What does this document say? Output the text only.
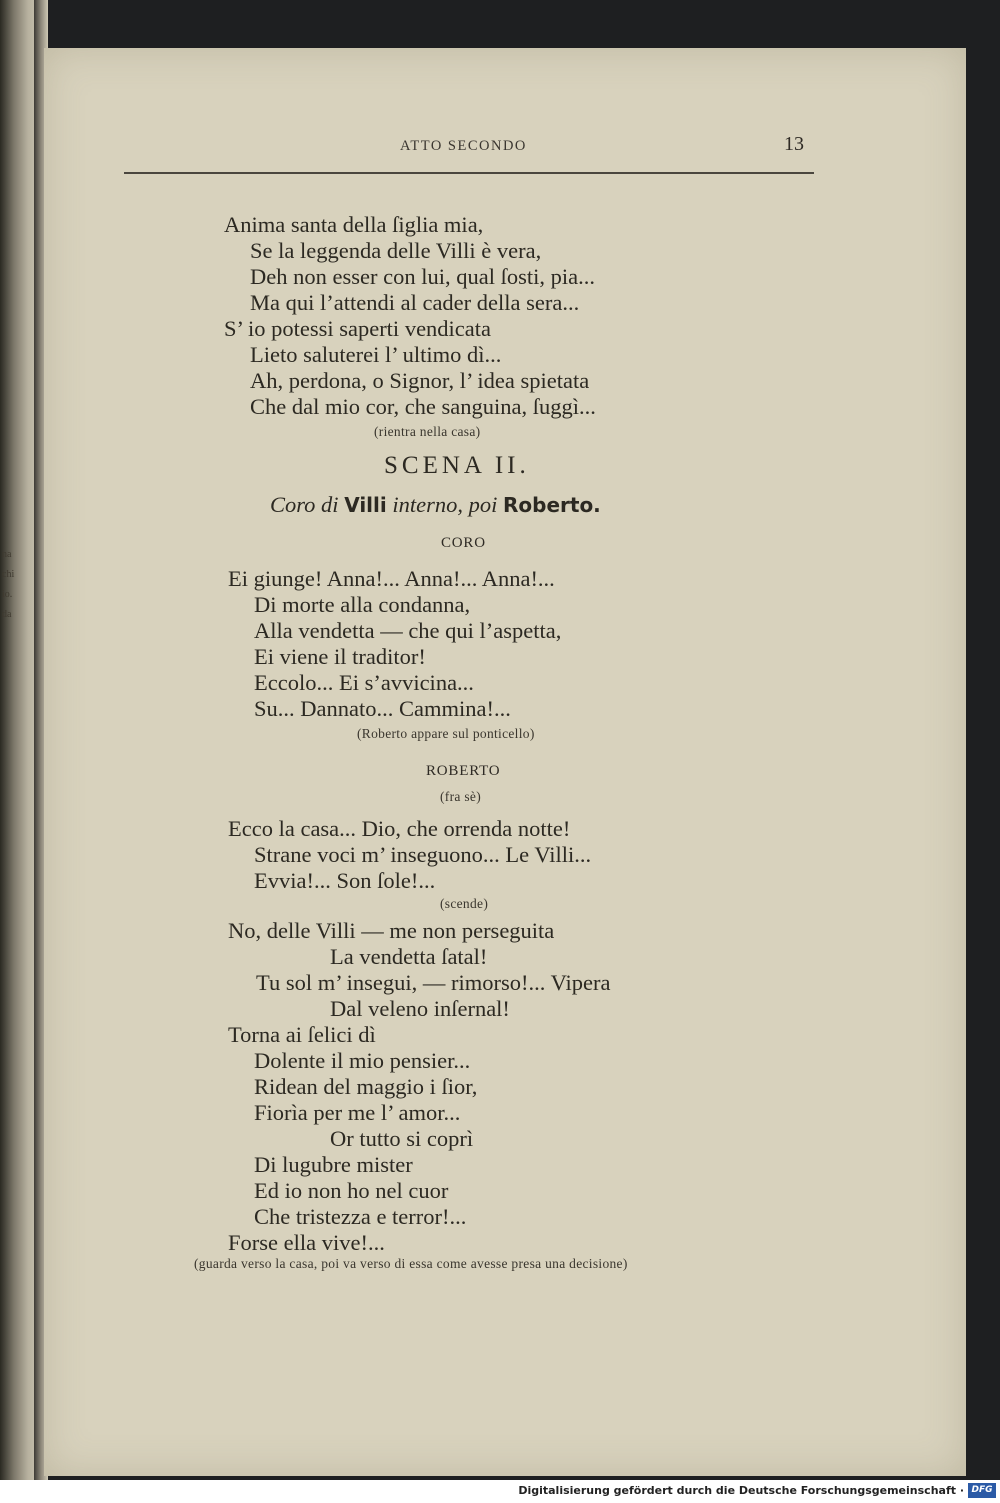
na
chi
io.
da
ATTO SECONDO	13
Anima santa della ſiglia mia,
Se la leggenda delle Villi è vera,
Deh non esser con lui, qual ſosti, pia...
Ma qui l’attendi al cader della sera...
S’ io potessi saperti vendicata
Lieto saluterei l’ ultimo dì...
Ah, perdona, o Signor, l’ idea spietata
Che dal mio cor, che sanguina, ſuggì...
(rientra nella casa)
SCENA II.
Coro di Villi interno, poi Roberto.
CORO
Ei giunge! Anna!... Anna!... Anna!...
Di morte alla condanna,
Alla vendetta — che qui l’aspetta,
Ei viene il traditor!
Eccolo... Ei s’avvicina...
Su... Dannato... Cammina!...
(Roberto appare sul ponticello)
ROBERTO
(fra sè)
Ecco la casa... Dio, che orrenda notte!
Strane voci m’ inseguono... Le Villi...
Evvia!... Son ſole!...
(scende)
No, delle Villi — me non perseguita
La vendetta ſatal!
Tu sol m’ insegui, — rimorso!... Vipera
Dal veleno inſernal!
Torna ai ſelici dì
Dolente il mio pensier...
Ridean del maggio i ſior,
Fiorìa per me l’ amor...
Or tutto si coprì
Di lugubre mister
Ed io non ho nel cuor
Che tristezza e terror!...
Forse ella vive!...
(guarda verso la casa, poi va verso di essa come avesse presa una decisione)
Digitalisierung gefördert durch die Deutsche Forschungsgemeinschaft · DFG
